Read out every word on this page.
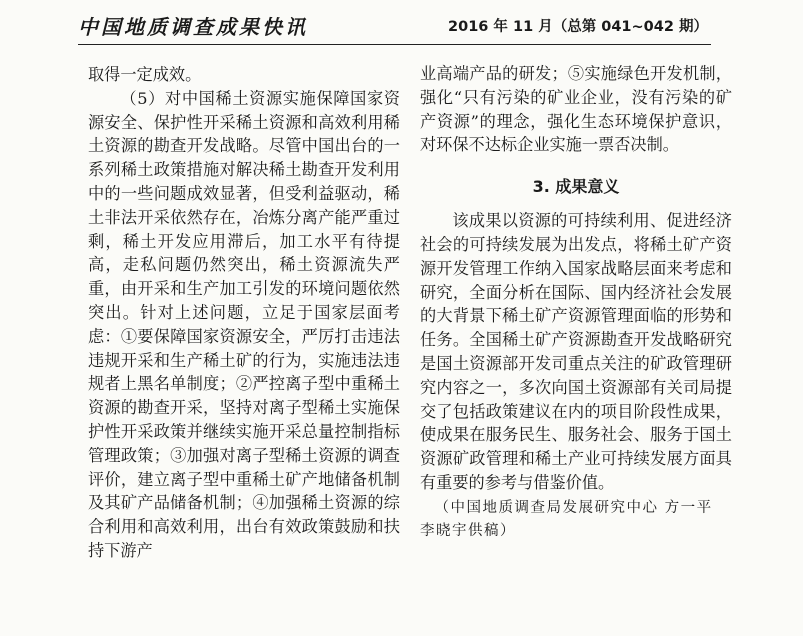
中国地质调查成果快讯	2016 年 11 月（总第 041~042 期）

取得一定成效。

（5）对中国稀土资源实施保障国家资源安全、保护性开采稀土资源和高效利用稀土资源的勘查开发战略。尽管中国出台的一系列稀土政策措施对解决稀土勘查开发利用中的一些问题成效显著，但受利益驱动，稀土非法开采依然存在，冶炼分离产能严重过剩，稀土开发应用滞后，加工水平有待提高，走私问题仍然突出，稀土资源流失严重，由开采和生产加工引发的环境问题依然突出。针对上述问题，立足于国家层面考虑：①要保障国家资源安全，严厉打击违法违规开采和生产稀土矿的行为，实施违法违规者上黑名单制度；②严控离子型中重稀土资源的勘查开采，坚持对离子型稀土实施保护性开采政策并继续实施开采总量控制指标管理政策；③加强对离子型稀土资源的调查评价，建立离子型中重稀土矿产地储备机制及其矿产品储备机制；④加强稀土资源的综合利用和高效利用，出台有效政策鼓励和扶持下游产

业高端产品的研发；⑤实施绿色开发机制，强化“只有污染的矿业企业，没有污染的矿产资源”的理念，强化生态环境保护意识，对环保不达标企业实施一票否决制。

3. 成果意义

该成果以资源的可持续利用、促进经济社会的可持续发展为出发点，将稀土矿产资源开发管理工作纳入国家战略层面来考虑和研究，全面分析在国际、国内经济社会发展的大背景下稀土矿产资源管理面临的形势和任务。全国稀土矿产资源勘查开发战略研究是国土资源部开发司重点关注的矿政管理研究内容之一，多次向国土资源部有关司局提交了包括政策建议在内的项目阶段性成果，使成果在服务民生、服务社会、服务于国土资源矿政管理和稀土产业可持续发展方面具有重要的参考与借鉴价值。

（中国地质调查局发展研究中心 方一平 李晓宇供稿）
